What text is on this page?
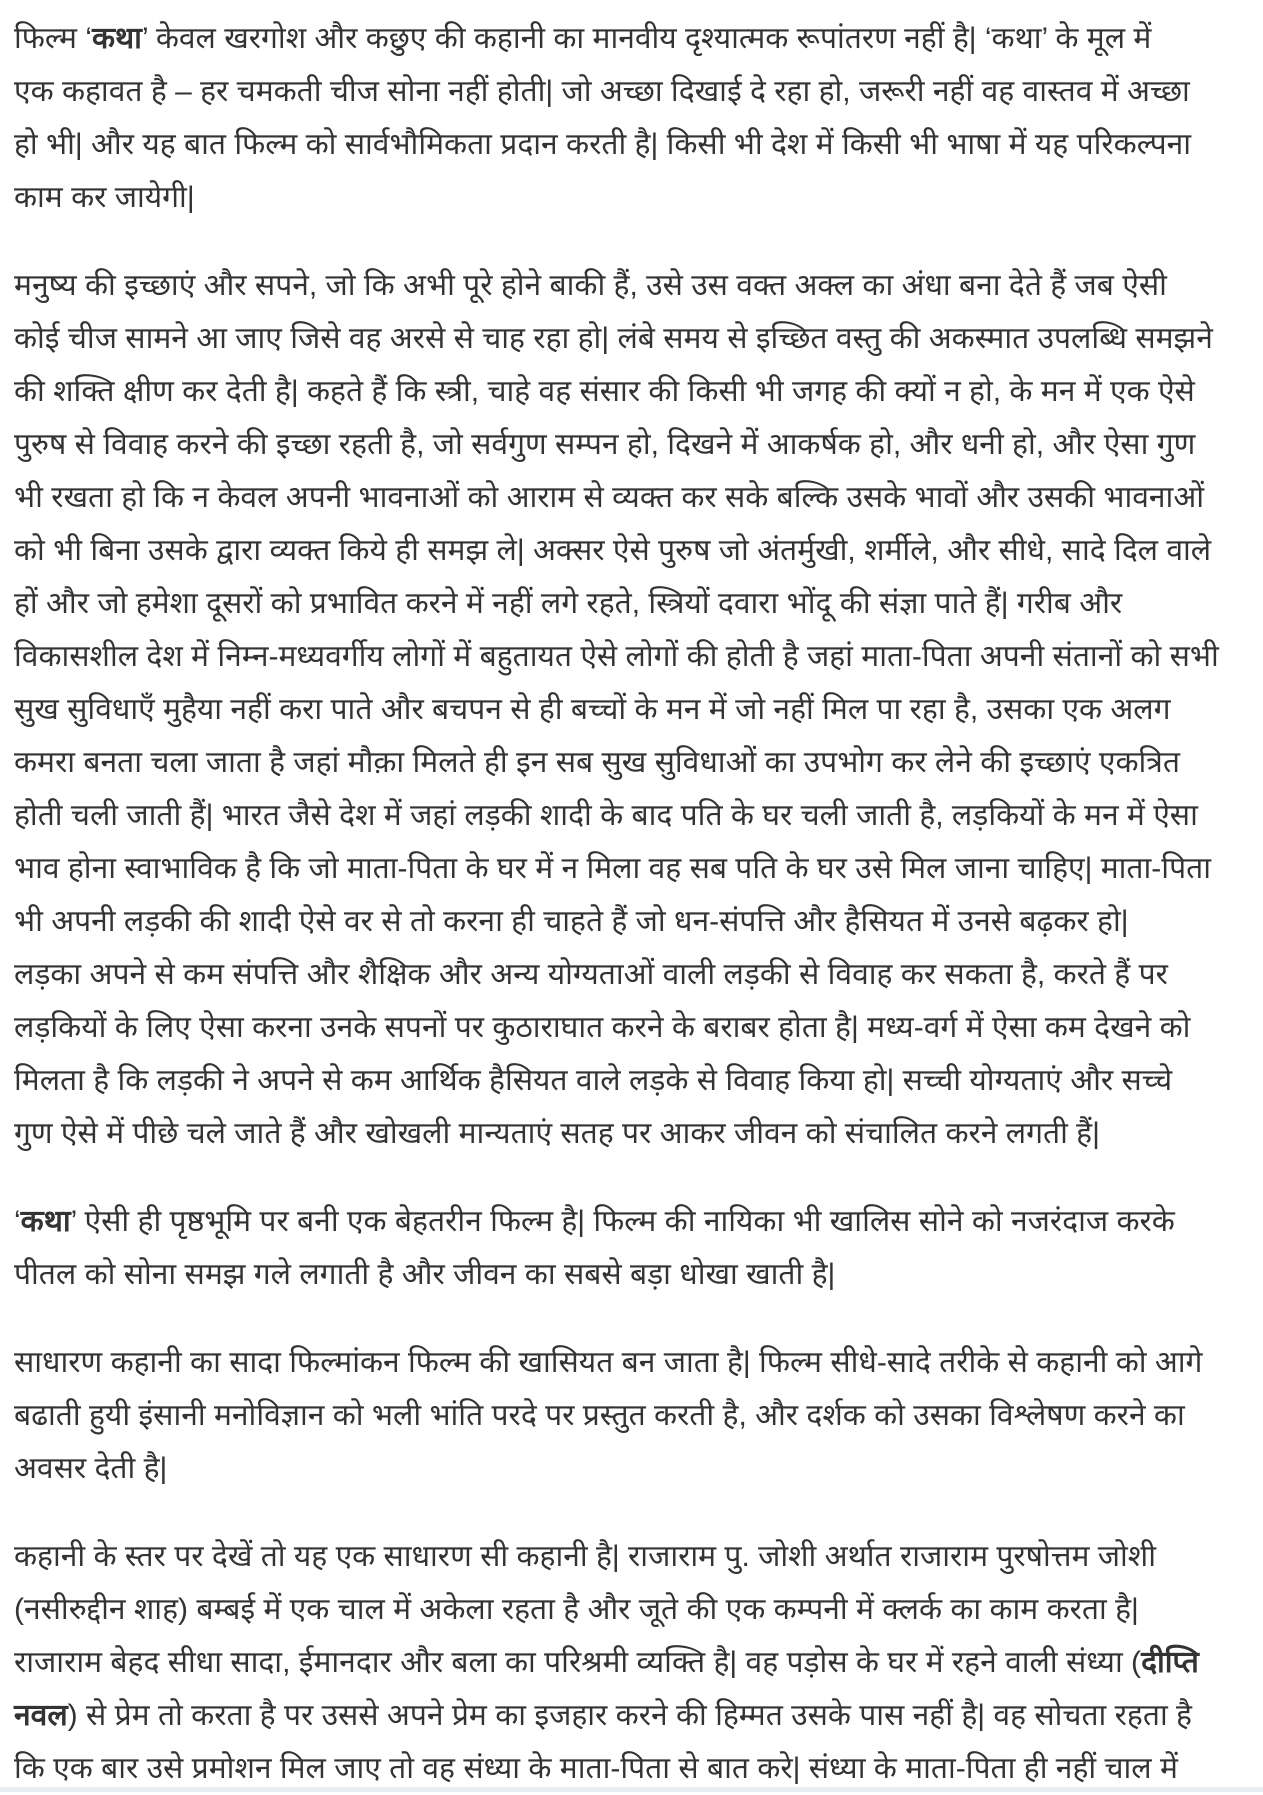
फिल्म ‘कथा’ केवल खरगोश और कछुए की कहानी का मानवीय दृश्यात्मक रूपांतरण नहीं है| ‘कथा’ के मूल में
एक कहावत है – हर चमकती चीज सोना नहीं होती| जो अच्छा दिखाई दे रहा हो, जरूरी नहीं वह वास्तव में अच्छा
हो भी| और यह बात फिल्म को सार्वभौमिकता प्रदान करती है| किसी भी देश में किसी भी भाषा में यह परिकल्पना
काम कर जायेगी|
मनुष्य की इच्छाएं और सपने, जो कि अभी पूरे होने बाकी हैं, उसे उस वक्त अक्ल का अंधा बना देते हैं जब ऐसी
कोई चीज सामने आ जाए जिसे वह अरसे से चाह रहा हो| लंबे समय से इच्छित वस्तु की अकस्मात उपलब्धि समझने
की शक्ति क्षीण कर देती है| कहते हैं कि स्त्री, चाहे वह संसार की किसी भी जगह की क्यों न हो, के मन में एक ऐसे
पुरुष से विवाह करने की इच्छा रहती है, जो सर्वगुण सम्पन हो, दिखने में आकर्षक हो, और धनी हो, और ऐसा गुण
भी रखता हो कि न केवल अपनी भावनाओं को आराम से व्यक्त कर सके बल्कि उसके भावों और उसकी भावनाओं
को भी बिना उसके द्वारा व्यक्त किये ही समझ ले| अक्सर ऐसे पुरुष जो अंतर्मुखी, शर्मीले, और सीधे, सादे दिल वाले
हों और जो हमेशा दूसरों को प्रभावित करने में नहीं लगे रहते, स्त्रियों दवारा भोंदू की संज्ञा पाते हैं| गरीब और
विकासशील देश में निम्न-मध्यवर्गीय लोगों में बहुतायत ऐसे लोगों की होती है जहां माता-पिता अपनी संतानों को सभी
सुख सुविधाएँ मुहैया नहीं करा पाते और बचपन से ही बच्चों के मन में जो नहीं मिल पा रहा है, उसका एक अलग
कमरा बनता चला जाता है जहां मौक़ा मिलते ही इन सब सुख सुविधाओं का उपभोग कर लेने की इच्छाएं एकत्रित
होती चली जाती हैं| भारत जैसे देश में जहां लड़की शादी के बाद पति के घर चली जाती है, लड़कियों के मन में ऐसा
भाव होना स्वाभाविक है कि जो माता-पिता के घर में न मिला वह सब पति के घर उसे मिल जाना चाहिए| माता-पिता
भी अपनी लड़की की शादी ऐसे वर से तो करना ही चाहते हैं जो धन-संपत्ति और हैसियत में उनसे बढ़कर हो|
लड़का अपने से कम संपत्ति और शैक्षिक और अन्य योग्यताओं वाली लड़की से विवाह कर सकता है, करते हैं पर
लड़कियों के लिए ऐसा करना उनके सपनों पर कुठाराघात करने के बराबर होता है| मध्य-वर्ग में ऐसा कम देखने को
मिलता है कि लड़की ने अपने से कम आर्थिक हैसियत वाले लड़के से विवाह किया हो| सच्ची योग्यताएं और सच्चे
गुण ऐसे में पीछे चले जाते हैं और खोखली मान्यताएं सतह पर आकर जीवन को संचालित करने लगती हैं|
‘कथा’ ऐसी ही पृष्ठभूमि पर बनी एक बेहतरीन फिल्म है| फिल्म की नायिका भी खालिस सोने को नजरंदाज करके
पीतल को सोना समझ गले लगाती है और जीवन का सबसे बड़ा धोखा खाती है|
साधारण कहानी का सादा फिल्मांकन फिल्म की खासियत बन जाता है| फिल्म सीधे-सादे तरीके से कहानी को आगे
बढाती हुयी इंसानी मनोविज्ञान को भली भांति परदे पर प्रस्तुत करती है, और दर्शक को उसका विश्लेषण करने का
अवसर देती है|
कहानी के स्तर पर देखें तो यह एक साधारण सी कहानी है| राजाराम पु. जोशी अर्थात राजाराम पुरषोत्तम जोशी
(नसीरुद्दीन शाह) बम्बई में एक चाल में अकेला रहता है और जूते की एक कम्पनी में क्लर्क का काम करता है|
राजाराम बेहद सीधा सादा, ईमानदार और बला का परिश्रमी व्यक्ति है| वह पड़ोस के घर में रहने वाली संध्या (दीप्ति
नवल) से प्रेम तो करता है पर उससे अपने प्रेम का इजहार करने की हिम्मत उसके पास नहीं है| वह सोचता रहता है
कि एक बार उसे प्रमोशन मिल जाए तो वह संध्या के माता-पिता से बात करे| संध्या के माता-पिता ही नहीं चाल में
